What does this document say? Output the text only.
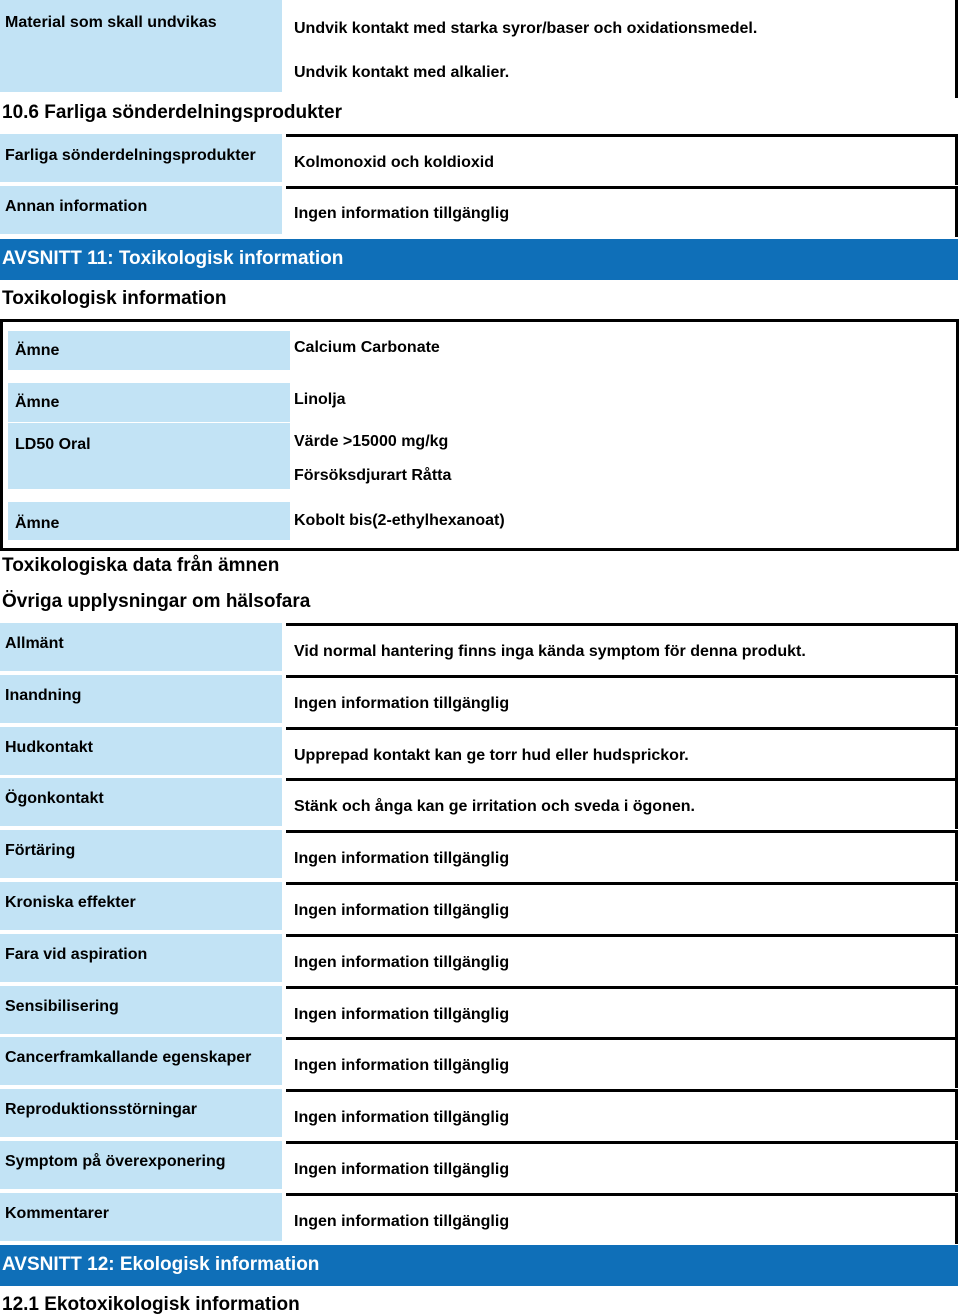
Material som skall undvikas	Undvik kontakt med starka syror/baser och oxidationsmedel.
Undvik kontakt med alkalier.
10.6 Farliga sönderdelningsprodukter
Farliga sönderdelningsprodukter	Kolmonoxid och koldioxid
Annan information	Ingen information tillgänglig
AVSNITT 11: Toxikologisk information
Toxikologisk information
Ämne	Calcium Carbonate
Ämne	Linolja
LD50 Oral	Värde >15000 mg/kg
Försöksdjurart Råtta
Ämne	Kobolt bis(2-ethylhexanoat)
Toxikologiska data från ämnen
Övriga upplysningar om hälsofara
Allmänt	Vid normal hantering finns inga kända symptom för denna produkt.
Inandning	Ingen information tillgänglig
Hudkontakt	Upprepad kontakt kan ge torr hud eller hudsprickor.
Ögonkontakt	Stänk och ånga kan ge irritation och sveda i ögonen.
Förtäring	Ingen information tillgänglig
Kroniska effekter	Ingen information tillgänglig
Fara vid aspiration	Ingen information tillgänglig
Sensibilisering	Ingen information tillgänglig
Cancerframkallande egenskaper	Ingen information tillgänglig
Reproduktionsstörningar	Ingen information tillgänglig
Symptom på överexponering	Ingen information tillgänglig
Kommentarer	Ingen information tillgänglig
AVSNITT 12: Ekologisk information
12.1 Ekotoxikologisk information
